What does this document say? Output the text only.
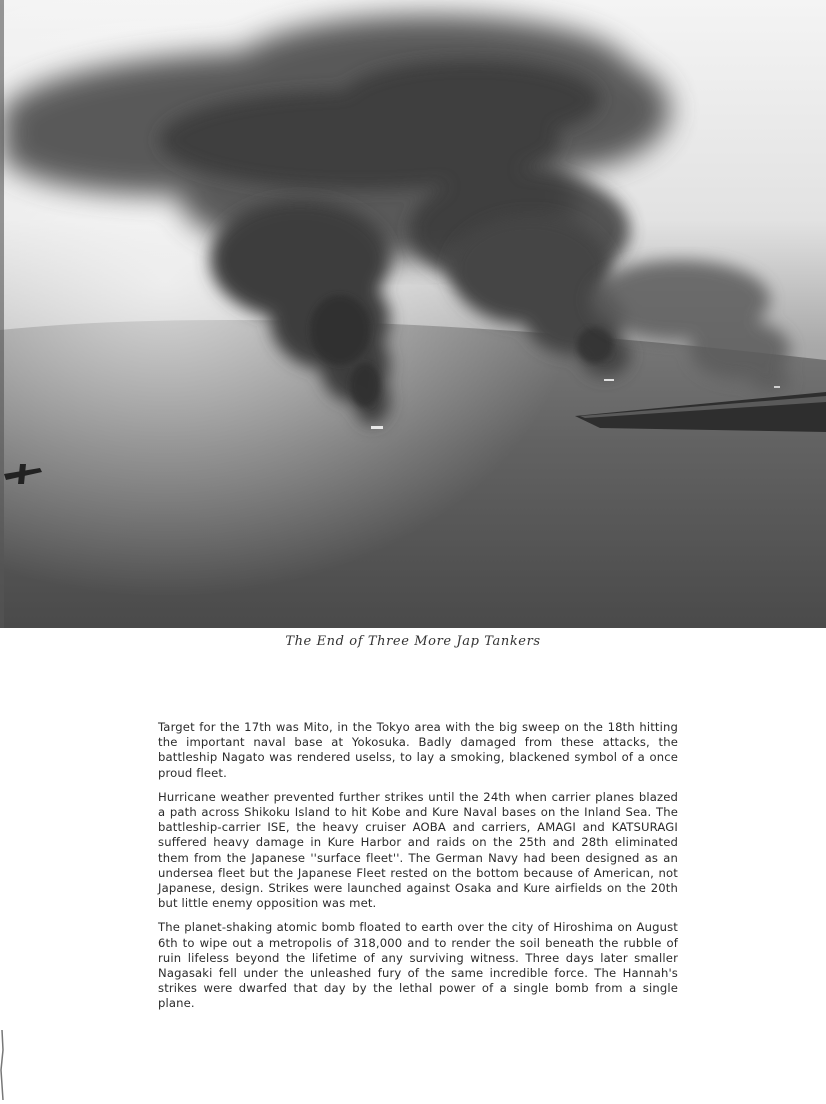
The End of Three More Jap Tankers

Target for the 17th was Mito, in the Tokyo area with the big sweep on the 18th hitting the important naval base at Yokosuka. Badly damaged from these attacks, the battleship Nagato was rendered uselss, to lay a smoking, blackened symbol of a once proud fleet.

Hurricane weather prevented further strikes until the 24th when carrier planes blazed a path across Shikoku Island to hit Kobe and Kure Naval bases on the Inland Sea. The battleship-carrier ISE, the heavy cruiser AOBA and carriers, AMAGI and KATSURAGI suffered heavy damage in Kure Harbor and raids on the 25th and 28th eliminated them from the Japanese ''surface fleet''. The German Navy had been designed as an undersea fleet but the Japanese Fleet rested on the bottom because of American, not Japanese, design. Strikes were launched against Osaka and Kure airfields on the 20th but little enemy opposition was met.

The planet-shaking atomic bomb floated to earth over the city of Hiroshima on August 6th to wipe out a metropolis of 318,000 and to render the soil beneath the rubble of ruin lifeless beyond the lifetime of any surviving witness. Three days later smaller Nagasaki fell under the unleashed fury of the same incredible force. The Hannah's strikes were dwarfed that day by the lethal power of a single bomb from a single plane.
